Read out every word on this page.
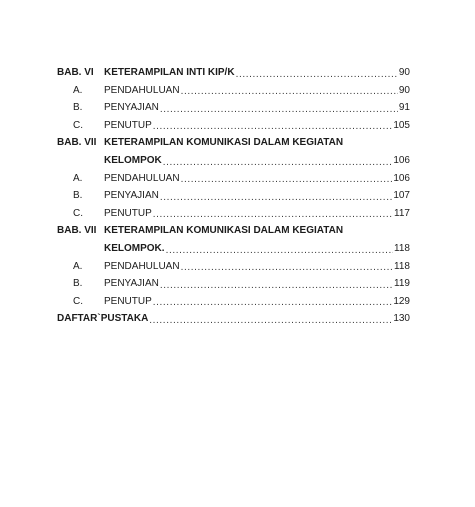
BAB. VI	KETERAMPILAN INTI KIP/K .....	90
A.	PENDAHULUAN .....	90
B.	PENYAJIAN .....	91
C.	PENUTUP .....	105
BAB. VII KETERAMPILAN KOMUNIKASI DALAM KEGIATAN
KELOMPOK .....	106
A.	PENDAHULUAN .....	106
B.	PENYAJIAN .....	107
C.	PENUTUP .....	117
BAB. VII KETERAMPILAN KOMUNIKASI DALAM KEGIATAN
KELOMPOK. .....	118
A.	PENDAHULUAN .....	118
B.	PENYAJIAN .....	119
C.	PENUTUP .....	129
DAFTAR`PUSTAKA .....	130
